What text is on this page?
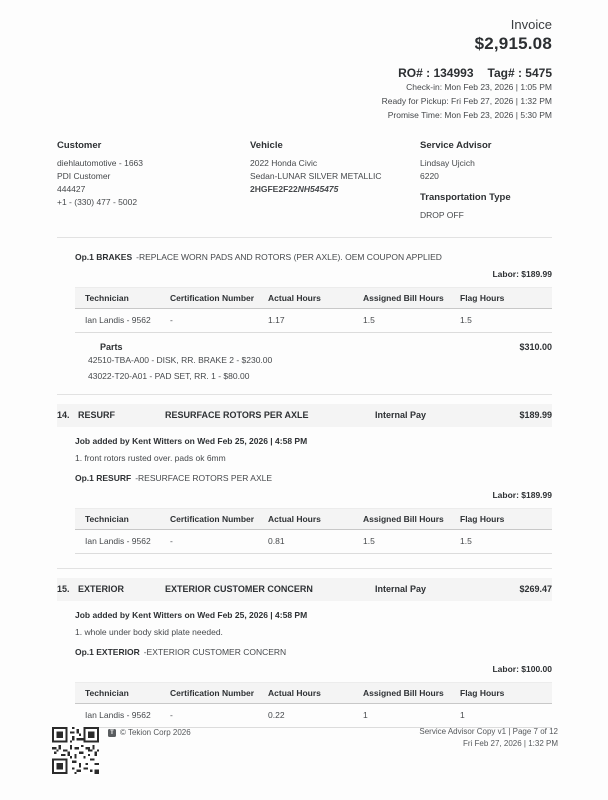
Invoice
$2,915.08
RO# : 134993 Tag# : 5475
Check-in: Mon Feb 23, 2026 | 1:05 PM
Ready for Pickup: Fri Feb 27, 2026 | 1:32 PM
Promise Time: Mon Feb 23, 2026 | 5:30 PM
Customer
diehlautomotive - 1663
PDI Customer
444427
+1 - (330) 477 - 5002
Vehicle
2022 Honda Civic
Sedan-LUNAR SILVER METALLIC
2HGFE2F22NH545475
Service Advisor
Lindsay Ujcich
6220
Transportation Type
DROP OFF
Op.1 BRAKES -REPLACE WORN PADS AND ROTORS (PER AXLE). OEM COUPON APPLIED
Labor: $189.99
Technician	Certification Number	Actual Hours	Assigned Bill Hours	Flag Hours
Ian Landis - 9562	-	1.17	1.5	1.5
Parts	$310.00
42510-TBA-A00 - DISK, RR. BRAKE 2 - $230.00
43022-T20-A01 - PAD SET, RR. 1 - $80.00
14. RESURF	RESURFACE ROTORS PER AXLE	Internal Pay	$189.99
Job added by Kent Witters on Wed Feb 25, 2026 | 4:58 PM
1. front rotors rusted over. pads ok 6mm
Op.1 RESURF -RESURFACE ROTORS PER AXLE
Labor: $189.99
Technician	Certification Number	Actual Hours	Assigned Bill Hours	Flag Hours
Ian Landis - 9562	-	0.81	1.5	1.5
15. EXTERIOR	EXTERIOR CUSTOMER CONCERN	Internal Pay	$269.47
Job added by Kent Witters on Wed Feb 25, 2026 | 4:58 PM
1. whole under body skid plate needed.
Op.1 EXTERIOR -EXTERIOR CUSTOMER CONCERN
Labor: $100.00
Technician	Certification Number	Actual Hours	Assigned Bill Hours	Flag Hours
Ian Landis - 9562	-	0.22	1	1
T © Tekion Corp 2026	Service Advisor Copy v1 | Page 7 of 12
Fri Feb 27, 2026 | 1:32 PM
